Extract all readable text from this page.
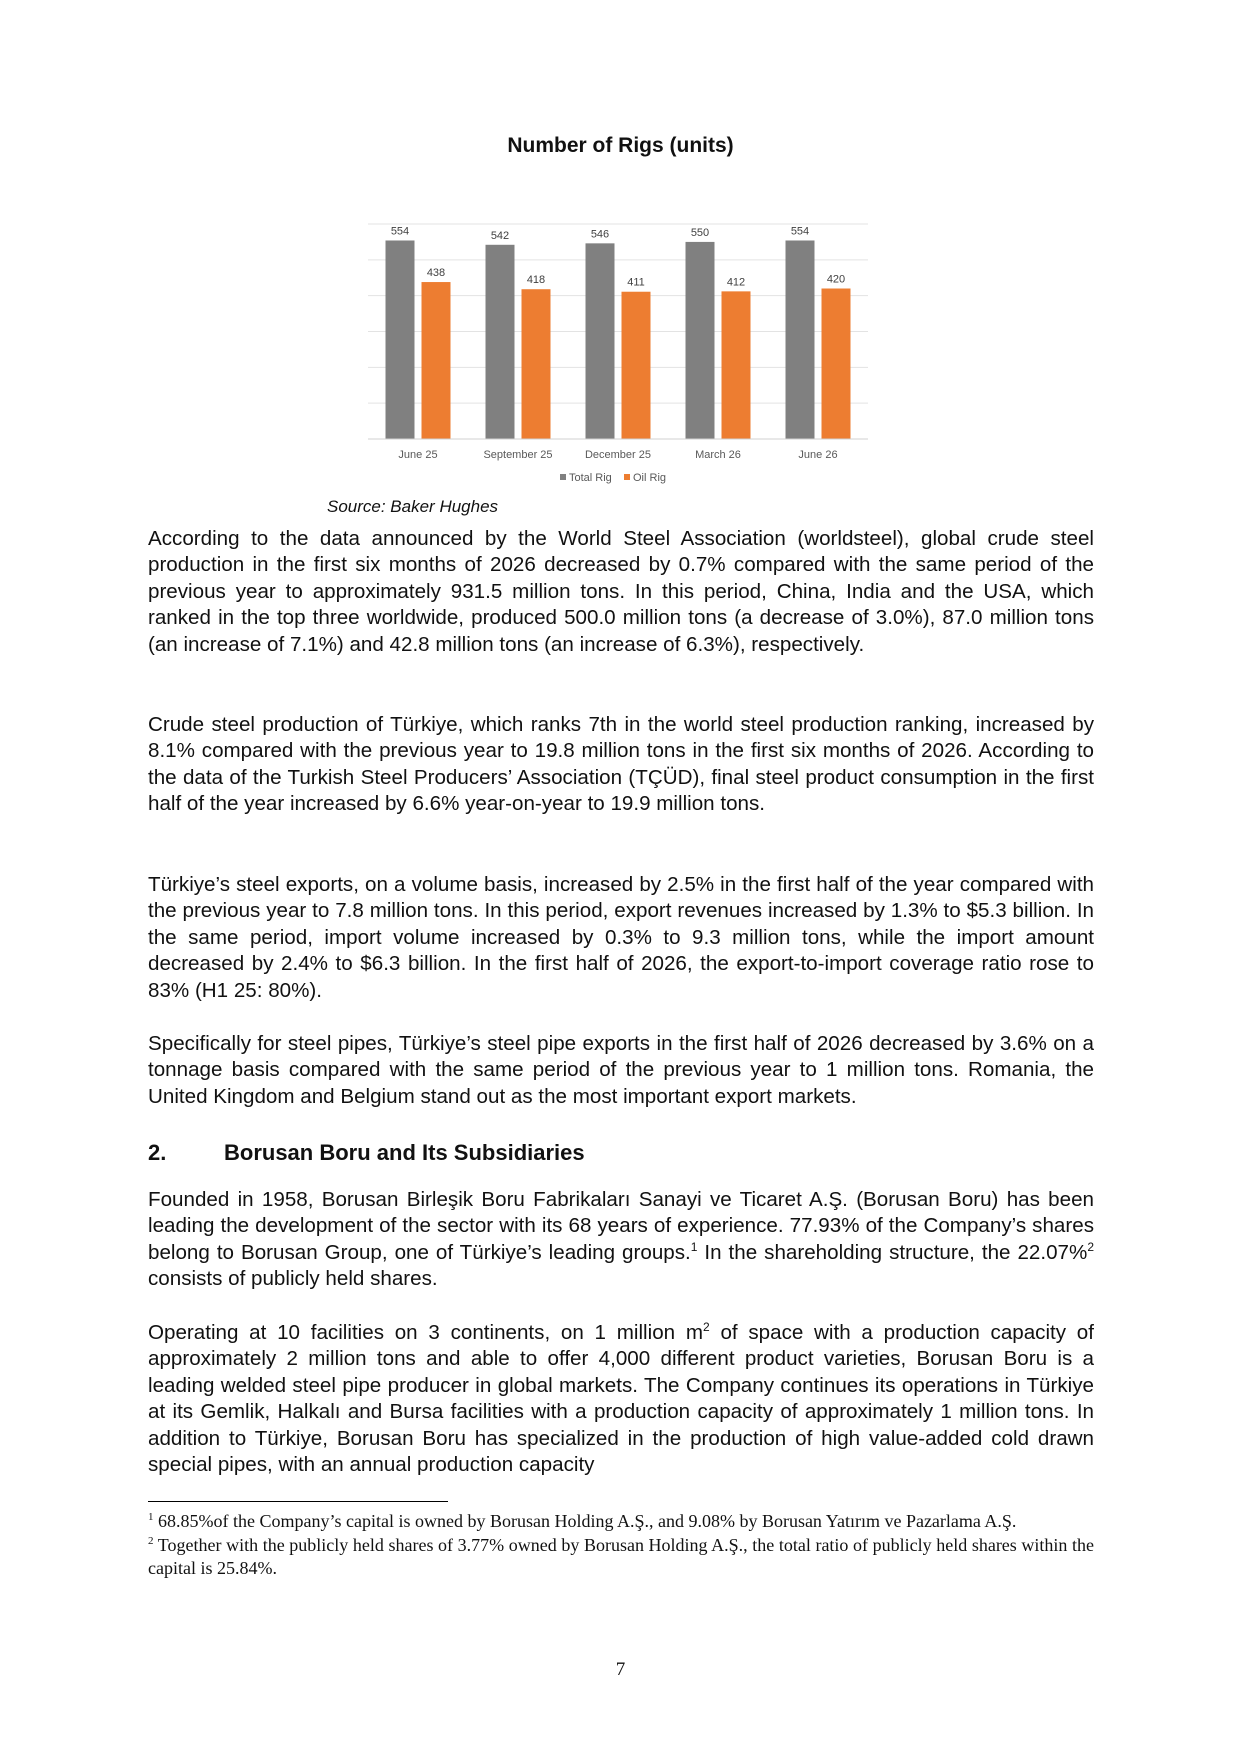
Number of Rigs (units)
554
438
June 25
542
418
September 25
546
411
December 25
550
412
March 26
554
420
June 26
Total Rig Oil Rig
Source: Baker Hughes

According to the data announced by the World Steel Association (worldsteel), global crude steel production in the first six months of 2026 decreased by 0.7% compared with the same period of the previous year to approximately 931.5 million tons. In this period, China, India and the USA, which ranked in the top three worldwide, produced 500.0 million tons (a decrease of 3.0%), 87.0 million tons (an increase of 7.1%) and 42.8 million tons (an increase of 6.3%), respectively.

Crude steel production of Türkiye, which ranks 7th in the world steel production ranking, increased by 8.1% compared with the previous year to 19.8 million tons in the first six months of 2026. According to the data of the Turkish Steel Producers’ Association (TÇÜD), final steel product consumption in the first half of the year increased by 6.6% year-on-year to 19.9 million tons.

Türkiye’s steel exports, on a volume basis, increased by 2.5% in the first half of the year compared with the previous year to 7.8 million tons. In this period, export revenues increased by 1.3% to $5.3 billion. In the same period, import volume increased by 0.3% to 9.3 million tons, while the import amount decreased by 2.4% to $6.3 billion. In the first half of 2026, the export-to-import coverage ratio rose to 83% (H1 25: 80%).

Specifically for steel pipes, Türkiye’s steel pipe exports in the first half of 2026 decreased by 3.6% on a tonnage basis compared with the same period of the previous year to 1 million tons. Romania, the United Kingdom and Belgium stand out as the most important export markets.

2.	Borusan Boru and Its Subsidiaries

Founded in 1958, Borusan Birleşik Boru Fabrikaları Sanayi ve Ticaret A.Ş. (Borusan Boru) has been leading the development of the sector with its 68 years of experience. 77.93% of the Company’s shares belong to Borusan Group, one of Türkiye’s leading groups.$^1$ In the shareholding structure, the 22.07%$^2$ consists of publicly held shares.

Operating at 10 facilities on 3 continents, on 1 million $m^2$ of space with a production capacity of approximately 2 million tons and able to offer 4,000 different product varieties, Borusan Boru is a leading welded steel pipe producer in global markets. The Company continues its operations in Türkiye at its Gemlik, Halkalı and Bursa facilities with a production capacity of approximately 1 million tons. In addition to Türkiye, Borusan Boru has specialized in the production of high value-added cold drawn special pipes, with an annual production capacity

$^1$ 68.85%of the Company’s capital is owned by Borusan Holding A.Ş., and 9.08% by Borusan Yatırım ve Pazarlama A.Ş.

$^2$ Together with the publicly held shares of 3.77% owned by Borusan Holding A.Ş., the total ratio of publicly held shares within the capital is 25.84%.

7
